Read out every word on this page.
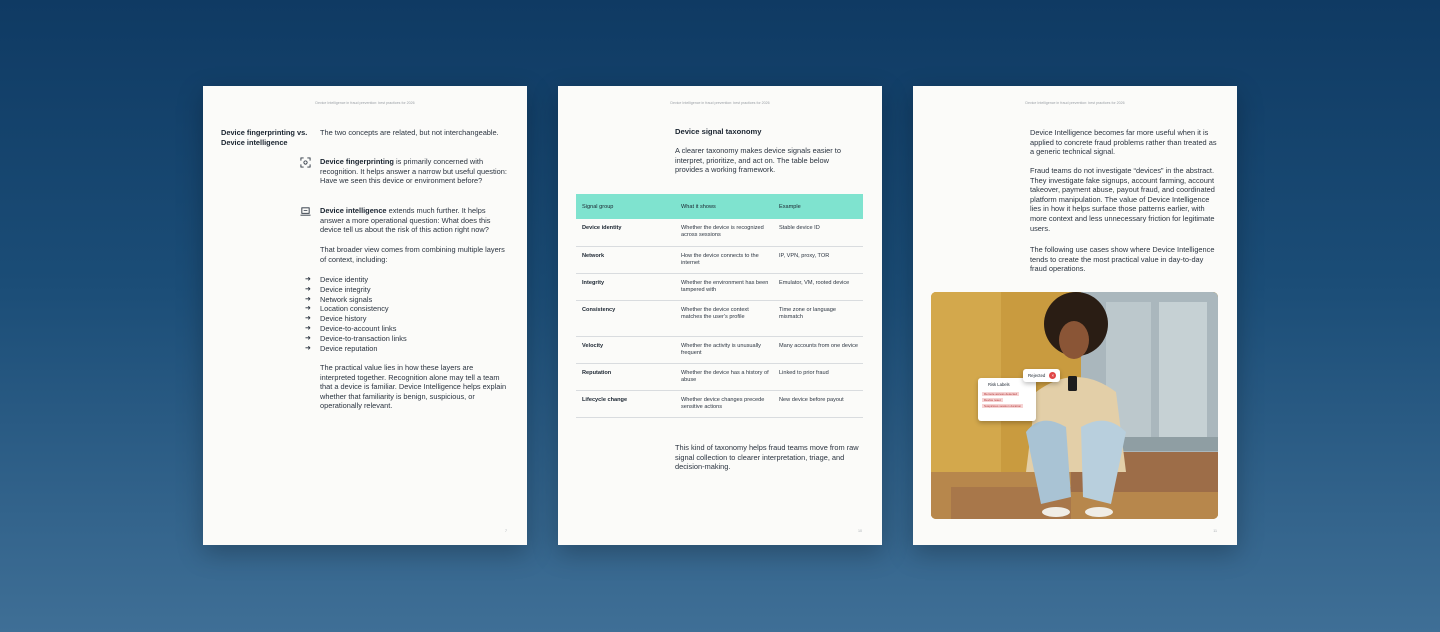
Device Intelligence in fraud prevention: best practices for 2026
Device fingerprinting vs. Device intelligence
The two concepts are related, but not interchangeable.
Device fingerprinting is primarily concerned with recognition. It helps answer a narrow but useful question: Have we seen this device or environment before?
Device intelligence extends much further. It helps answer a more operational question: What does this device tell us about the risk of this action right now?
That broader view comes from combining multiple layers of context, including:
➜ Device identity
➜ Device integrity
➜ Network signals
➜ Location consistency
➜ Device history
➜ Device-to-account links
➜ Device-to-transaction links
➜ Device reputation
The practical value lies in how these layers are interpreted together. Recognition alone may tell a team that a device is familiar. Device Intelligence helps explain whether that familiarity is benign, suspicious, or operationally relevant.
7
Device Intelligence in fraud prevention: best practices for 2026
Device signal taxonomy
A clearer taxonomy makes device signals easier to interpret, prioritize, and act on. The table below provides a working framework.
Signal group	What it shows	Example
Device identity	Whether the device is recognized across sessions	Stable device ID
Network	How the device connects to the internet	IP, VPN, proxy, TOR
Integrity	Whether the environment has been tampered with	Emulator, VM, rooted device
Consistency	Whether the device context matches the user's profile	Time zone or language mismatch
Velocity	Whether the activity is unusually frequent	Many accounts from one device
Reputation	Whether the device has a history of abuse	Linked to prior fraud
Lifecycle change	Whether device changes precede sensitive actions	New device before payout
This kind of taxonomy helps fraud teams move from raw signal collection to clearer interpretation, triage, and decision-making.
10
Device Intelligence in fraud prevention: best practices for 2026
Device Intelligence becomes far more useful when it is applied to concrete fraud problems rather than treated as a generic technical signal.
Fraud teams do not investigate “devices” in the abstract. They investigate fake signups, account farming, account takeover, payment abuse, payout fraud, and coordinated platform manipulation. The value of Device Intelligence lies in how it helps surface those patterns earlier, with more context and less unnecessary friction for legitimate users.
The following use cases show where Device Intelligence tends to create the most practical value in day-to-day fraud operations.
Risk Labels
Remote access detected
Device reset
Suspicious session duration
Rejected	×
11
